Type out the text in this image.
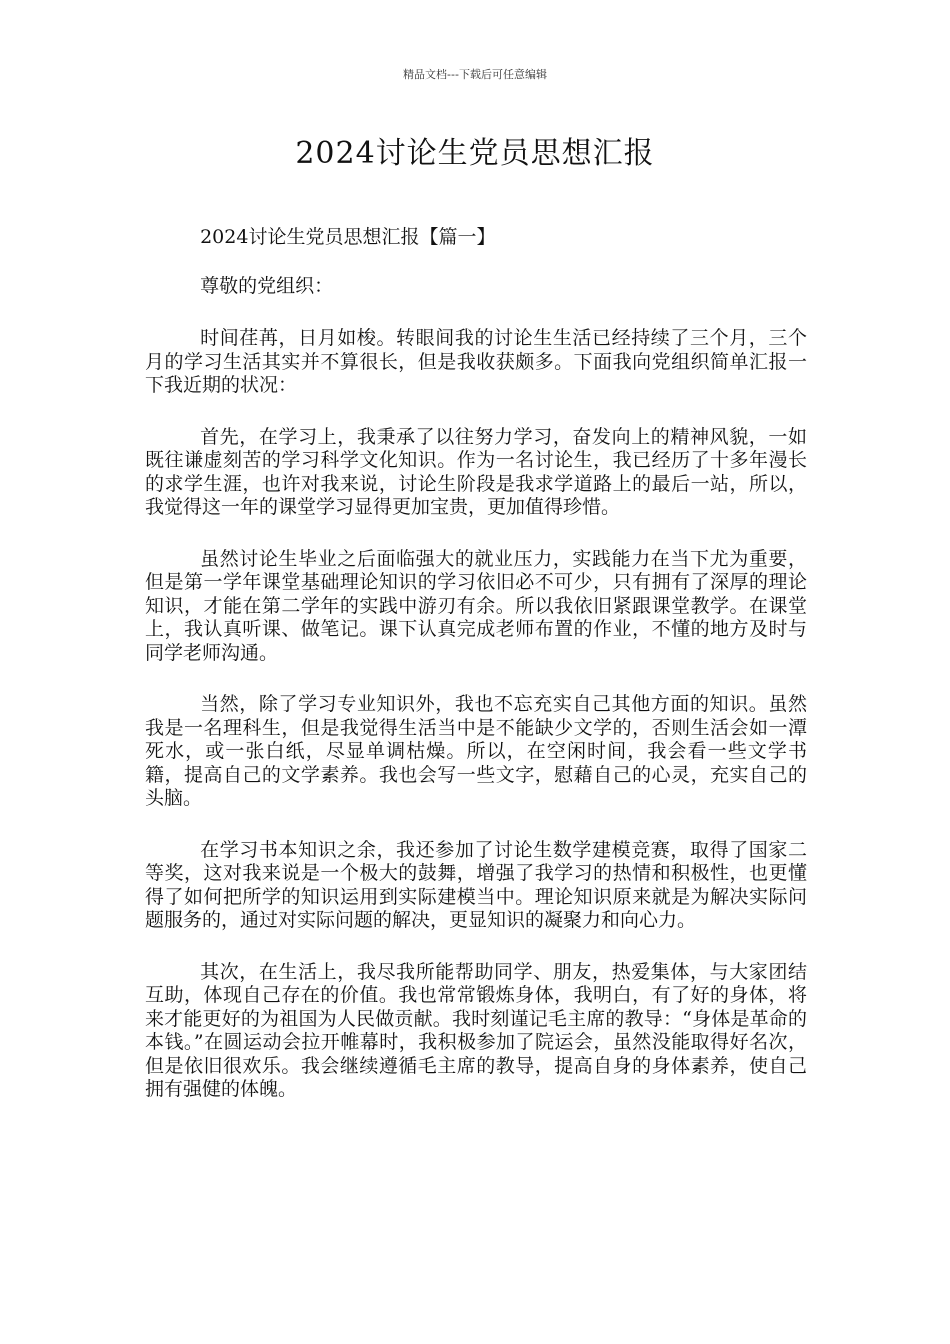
精品文档---下载后可任意编辑
2024讨论生党员思想汇报

2024讨论生党员思想汇报【篇一】

尊敬的党组织：

时间荏苒，日月如梭。转眼间我的讨论生生活已经持续了三个月，三个月的学习生活其实并不算很长，但是我收获颇多。下面我向党组织简单汇报一下我近期的状况：

首先，在学习上，我秉承了以往努力学习，奋发向上的精神风貌，一如既往谦虚刻苦的学习科学文化知识。作为一名讨论生，我已经历了十多年漫长的求学生涯，也许对我来说，讨论生阶段是我求学道路上的最后一站，所以，我觉得这一年的课堂学习显得更加宝贵，更加值得珍惜。

虽然讨论生毕业之后面临强大的就业压力，实践能力在当下尤为重要，但是第一学年课堂基础理论知识的学习依旧必不可少，只有拥有了深厚的理论知识，才能在第二学年的实践中游刃有余。所以我依旧紧跟课堂教学。在课堂上，我认真听课、做笔记。课下认真完成老师布置的作业，不懂的地方及时与同学老师沟通。

当然，除了学习专业知识外，我也不忘充实自己其他方面的知识。虽然我是一名理科生，但是我觉得生活当中是不能缺少文学的，否则生活会如一潭死水，或一张白纸，尽显单调枯燥。所以，在空闲时间，我会看一些文学书籍，提高自己的文学素养。我也会写一些文字，慰藉自己的心灵，充实自己的头脑。

在学习书本知识之余，我还参加了讨论生数学建模竞赛，取得了国家二等奖，这对我来说是一个极大的鼓舞，增强了我学习的热情和积极性，也更懂得了如何把所学的知识运用到实际建模当中。理论知识原来就是为解决实际问题服务的，通过对实际问题的解决，更显知识的凝聚力和向心力。

其次，在生活上，我尽我所能帮助同学、朋友，热爱集体，与大家团结互助，体现自己存在的价值。我也常常锻炼身体，我明白，有了好的身体，将来才能更好的为祖国为人民做贡献。我时刻谨记毛主席的教导：“身体是革命的本钱。”在圆运动会拉开帷幕时，我积极参加了院运会，虽然没能取得好名次，但是依旧很欢乐。我会继续遵循毛主席的教导，提高自身的身体素养，使自己拥有强健的体魄。
